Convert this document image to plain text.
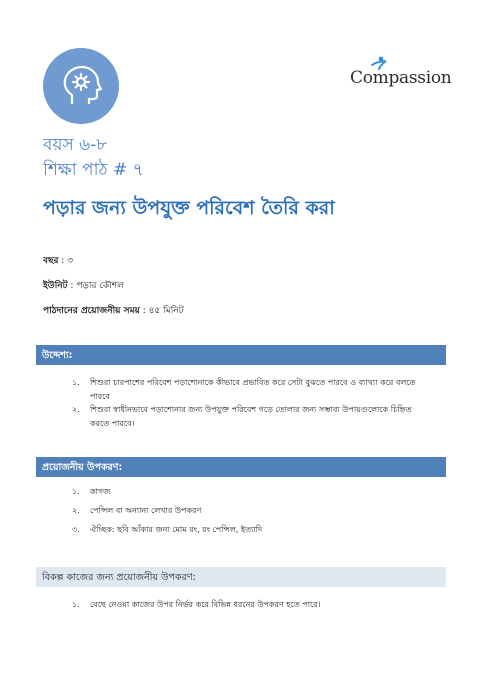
Compassion
বয়স ৬-৮
শিক্ষা পাঠ # ৭
পড়ার জন্য উপযুক্ত পরিবেশ তৈরি করা
বছর : ৩
ইউনিট : পড়ার কৌশল
পাঠদানের প্রয়োজনীয় সময় : ৪৫ মিনিট
উদ্দেশ্য:
১.	শিশুরা চারপাশের পরিবেশ পড়াশোনাকে কীভাবে প্রভাবিত করে সেটা বুঝতে পারবে ও ব্যাখ্যা করে বলতে পারবে
২.	শিশুরা স্বাধীনভাবে পড়াশোনার জন্য উপযুক্ত পরিবেশ গড়ে তোলার জন্য সম্ভাব্য উপায়গুলোকে চিহ্নিত করতে পারবে।
প্রয়োজনীয় উপকরণ:
১.	কাগজ
২.	পেন্সিল বা অন্যান্য লেখার উপকরণ
৩.	ঐচ্ছিক: ছবি আঁকার জন্য মোম রং, রং পেন্সিল, ইত্যাদি
বিকল্প কাজের জন্য প্রয়োজনীয় উপকরণ:
১.	বেছে নেওয়া কাজের উপর নির্ভর করে বিভিন্ন ধরনের উপকরণ হতে পারে।
